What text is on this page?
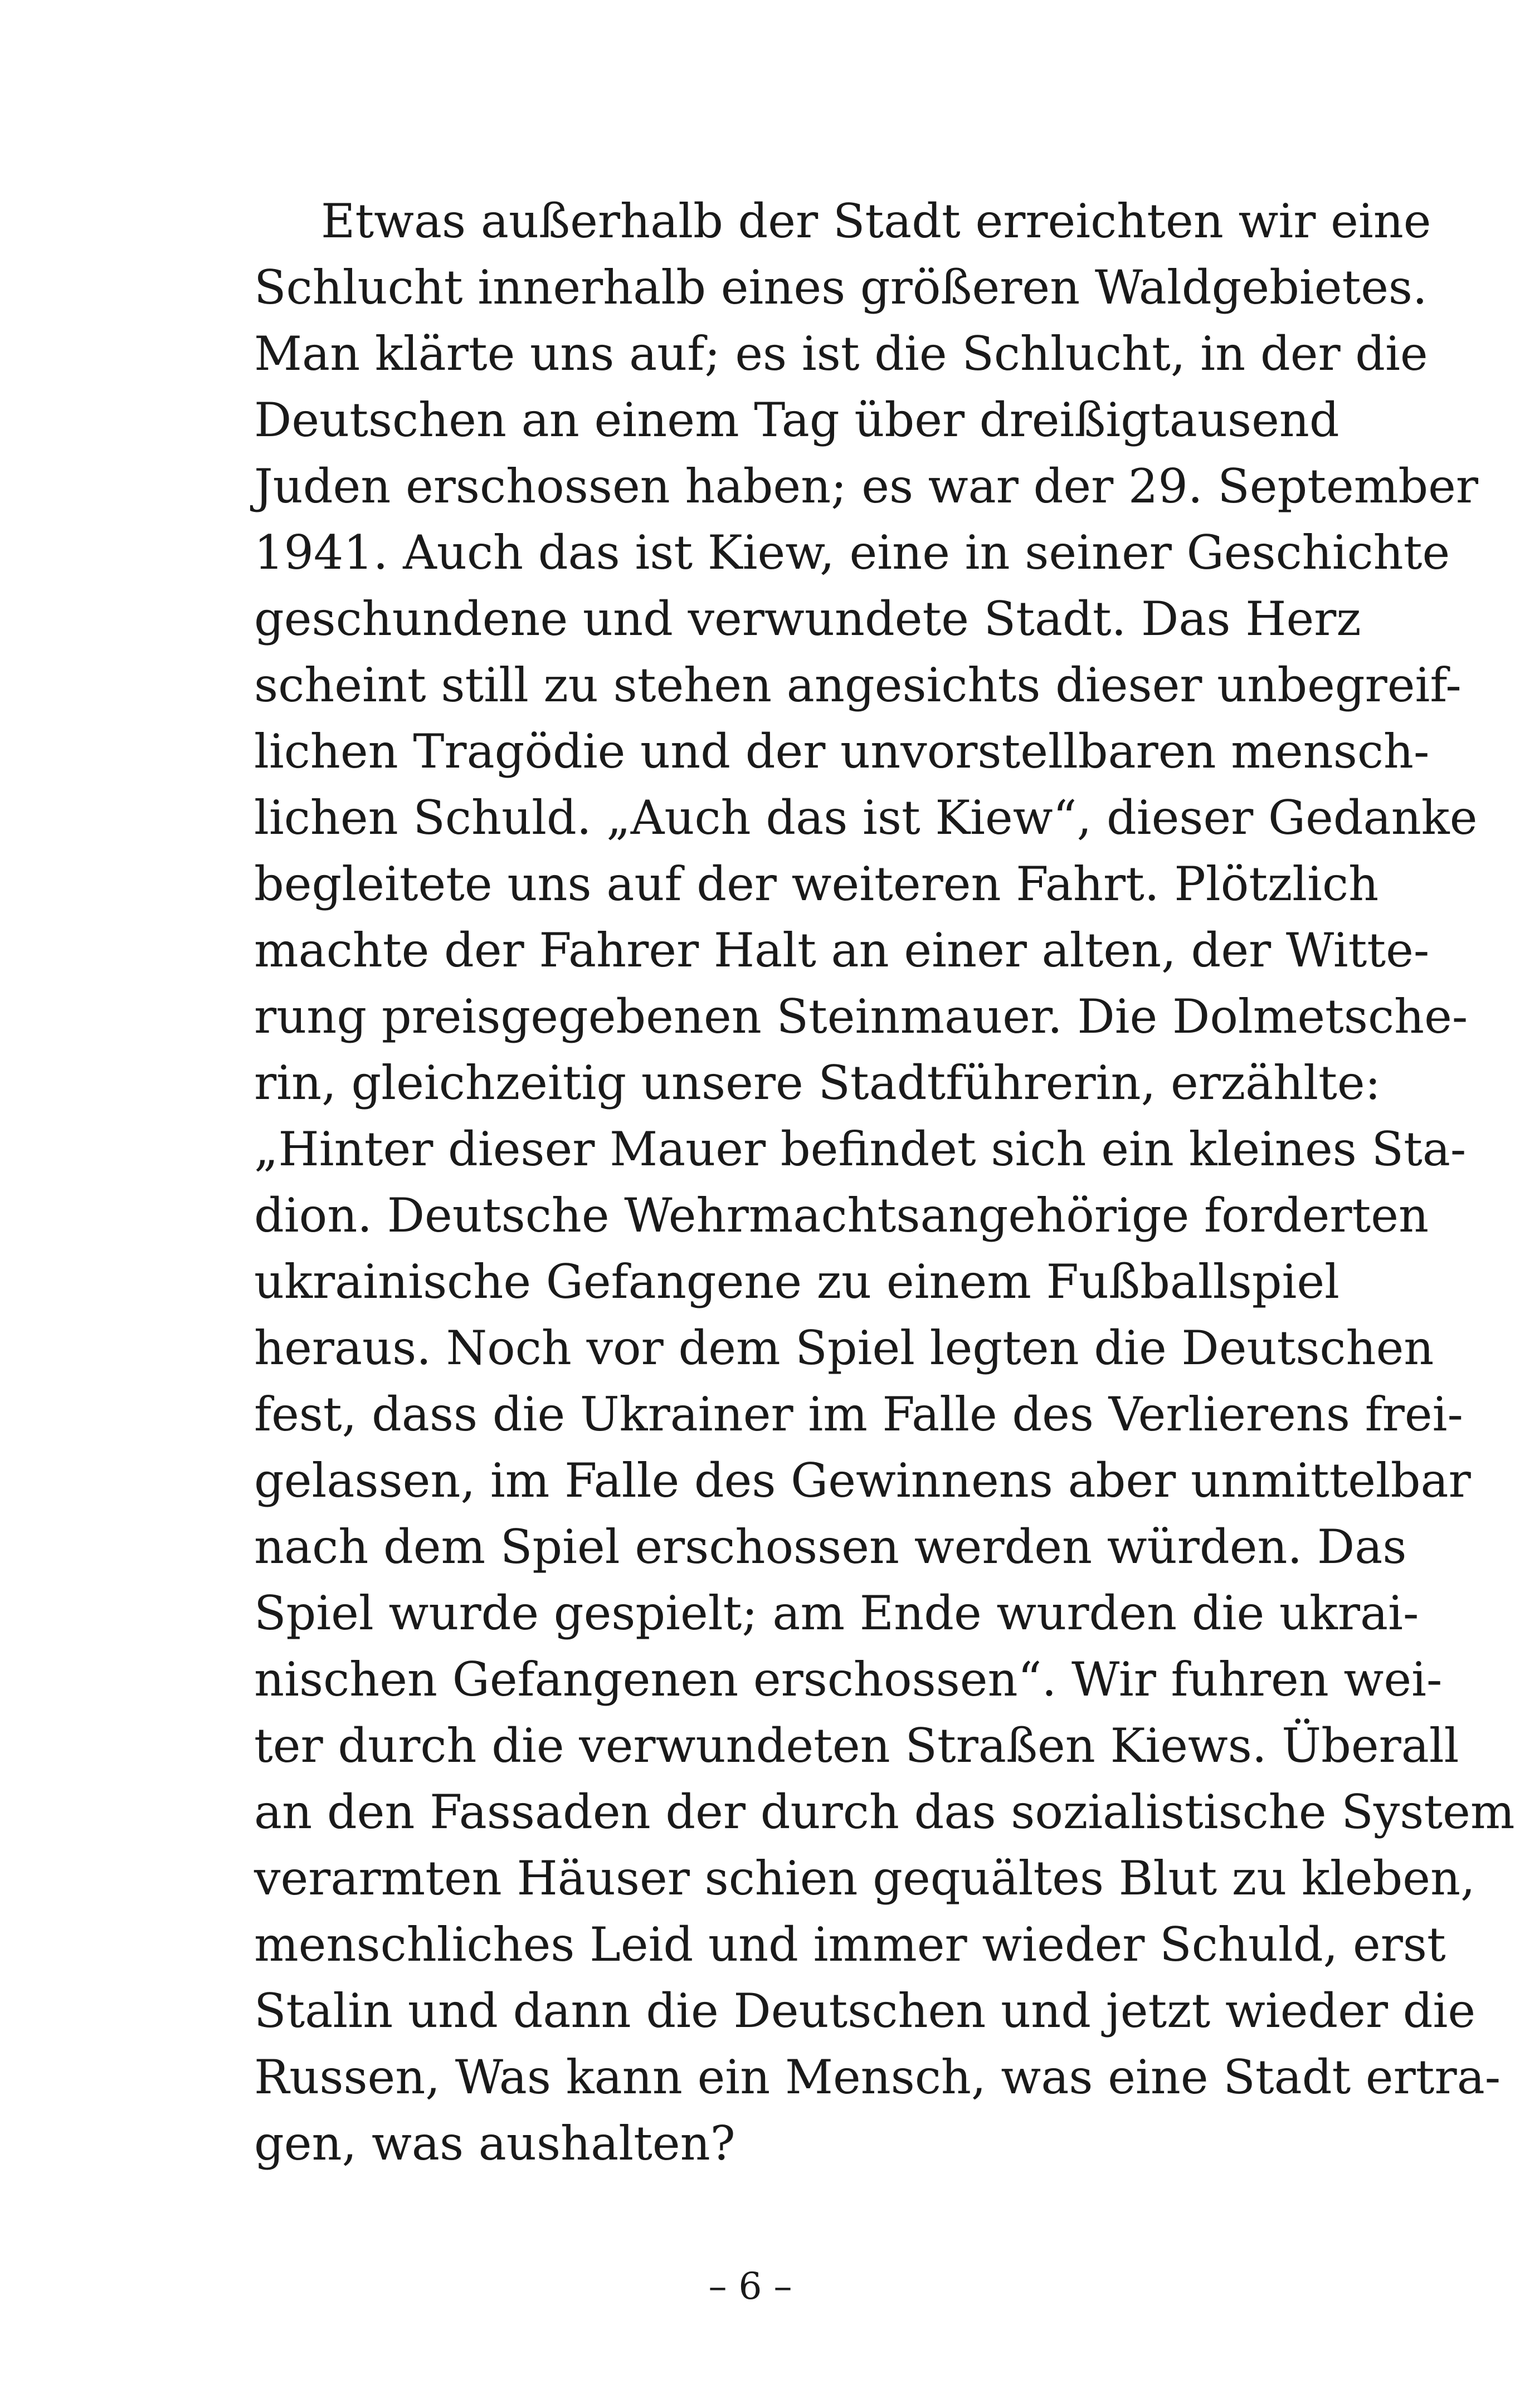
Etwas außerhalb der Stadt erreichten wir eine
Schlucht innerhalb eines größeren Waldgebietes.
Man klärte uns auf; es ist die Schlucht, in der die
Deutschen an einem Tag über dreißigtausend
Juden erschossen haben; es war der 29. September
1941. Auch das ist Kiew, eine in seiner Geschichte
geschundene und verwundete Stadt. Das Herz
scheint still zu stehen angesichts dieser unbegreif-
lichen Tragödie und der unvorstellbaren mensch-
lichen Schuld. „Auch das ist Kiew“, dieser Gedanke
begleitete uns auf der weiteren Fahrt. Plötzlich
machte der Fahrer Halt an einer alten, der Witte-
rung preisgegebenen Steinmauer. Die Dolmetsche-
rin, gleichzeitig unsere Stadtführerin, erzählte:
„Hinter dieser Mauer befindet sich ein kleines Sta-
dion. Deutsche Wehrmachtsangehörige forderten
ukrainische Gefangene zu einem Fußballspiel
heraus. Noch vor dem Spiel legten die Deutschen
fest, dass die Ukrainer im Falle des Verlierens frei-
gelassen, im Falle des Gewinnens aber unmittelbar
nach dem Spiel erschossen werden würden. Das
Spiel wurde gespielt; am Ende wurden die ukrai-
nischen Gefangenen erschossen“. Wir fuhren wei-
ter durch die verwundeten Straßen Kiews. Überall
an den Fassaden der durch das sozialistische System
verarmten Häuser schien gequältes Blut zu kleben,
menschliches Leid und immer wieder Schuld, erst
Stalin und dann die Deutschen und jetzt wieder die
Russen, Was kann ein Mensch, was eine Stadt ertra-
gen, was aushalten?
– 6 –
